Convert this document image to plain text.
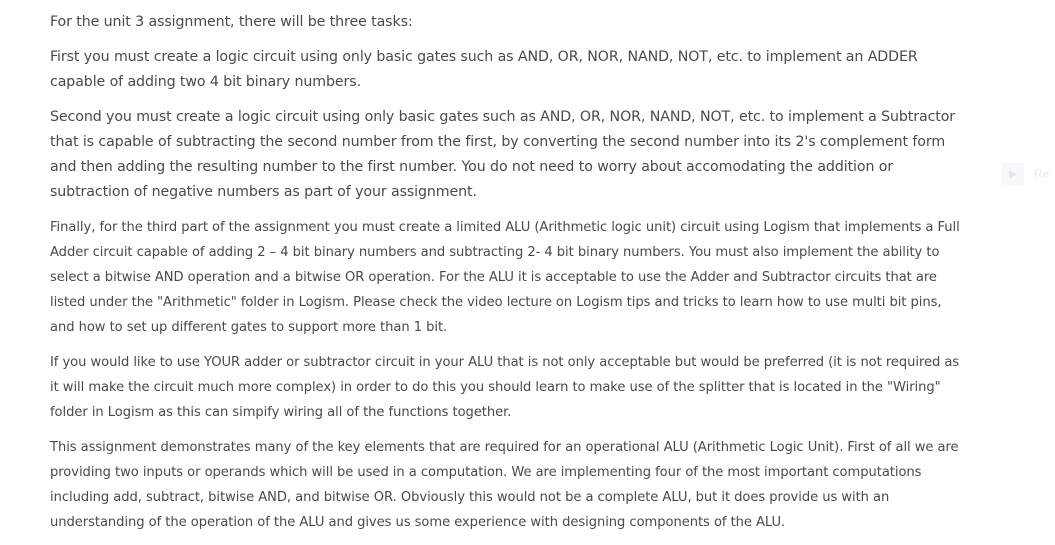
For the unit 3 assignment, there will be three tasks:

First you must create a logic circuit using only basic gates such as AND, OR, NOR, NAND, NOT, etc. to implement an ADDER capable of adding two 4 bit binary numbers.

Second you must create a logic circuit using only basic gates such as AND, OR, NOR, NAND, NOT, etc. to implement a Subtractor that is capable of subtracting the second number from the first, by converting the second number into its 2's complement form and then adding the resulting number to the first number. You do not need to worry about accomodating the addition or subtraction of negative numbers as part of your assignment.

Finally, for the third part of the assignment you must create a limited ALU (Arithmetic logic unit) circuit using Logism that implements a Full Adder circuit capable of adding 2 – 4 bit binary numbers and subtracting 2- 4 bit binary numbers. You must also implement the ability to select a bitwise AND operation and a bitwise OR operation. For the ALU it is acceptable to use the Adder and Subtractor circuits that are listed under the "Arithmetic" folder in Logism. Please check the video lecture on Logism tips and tricks to learn how to use multi bit pins, and how to set up different gates to support more than 1 bit.

If you would like to use YOUR adder or subtractor circuit in your ALU that is not only acceptable but would be preferred (it is not required as it will make the circuit much more complex) in order to do this you should learn to make use of the splitter that is located in the "Wiring" folder in Logism as this can simpify wiring all of the functions together.

This assignment demonstrates many of the key elements that are required for an operational ALU (Arithmetic Logic Unit). First of all we are providing two inputs or operands which will be used in a computation. We are implementing four of the most important computations including add, subtract, bitwise AND, and bitwise OR. Obviously this would not be a complete ALU, but it does provide us with an understanding of the operation of the ALU and gives us some experience with designing components of the ALU.

▶	Re
